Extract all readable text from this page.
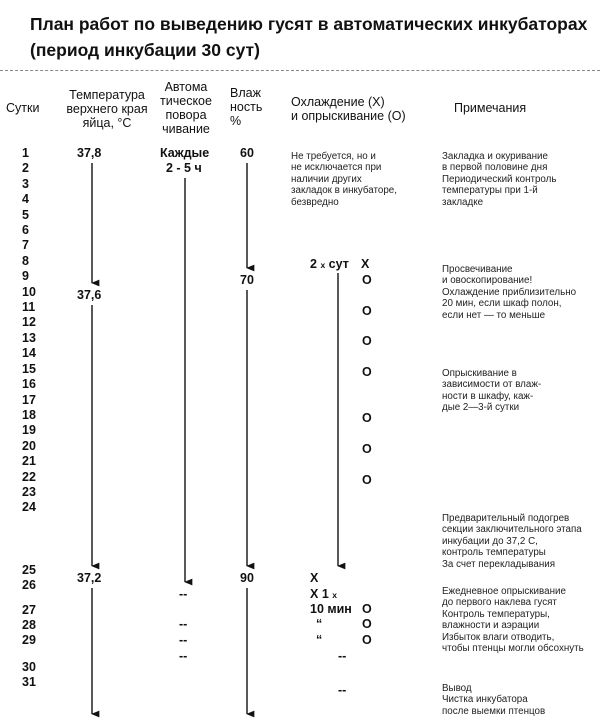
План работ по выведению гусят в автоматических инкубаторах
(период инкубации 30 сут)
Сутки
Температура
верхнего края
яйца, °С
Автома
тическое
повора
чивание
Влаж
ность
%
Охлаждение (X)
и опрыскивание (О)
Примечания
1
2
3
4
5
6
7
8
9
10
11
12
13
14
15
16
17
18
19
20
21
22
23
24
25
26
27
28
29
30
31
37,8
37,6
37,2
Каждые
2 - 5 ч
--
--
--
--
60
70
90
Не требуется, но и
не исключается при
наличии других
закладок в инкубаторе,
безвредно
2 х сут X
О
О
О
О
О
О
О
X
X 1 х
10 мин О
“	О
“	О
--
--
Закладка и окуривание
в первой половине дня
Периодический контроль
температуры при 1-й
закладке
Просвечивание
и овоскопирование!
Охлаждение приблизительно
20 мин, если шкаф полон,
если нет — то меньше
Опрыскивание в
зависимости от влаж-
ности в шкафу, каж-
дые 2—3-й сутки
Предварительный подогрев
секции заключительного этапа
инкубации до 37,2 С,
контроль температуры
За счет перекладывания
Ежедневное опрыскивание
до первого наклева гусят
Контроль температуры,
влажности и аэрации
Избыток влаги отводить,
чтобы птенцы могли обсохнуть
Вывод
Чистка инкубатора
после выемки птенцов
